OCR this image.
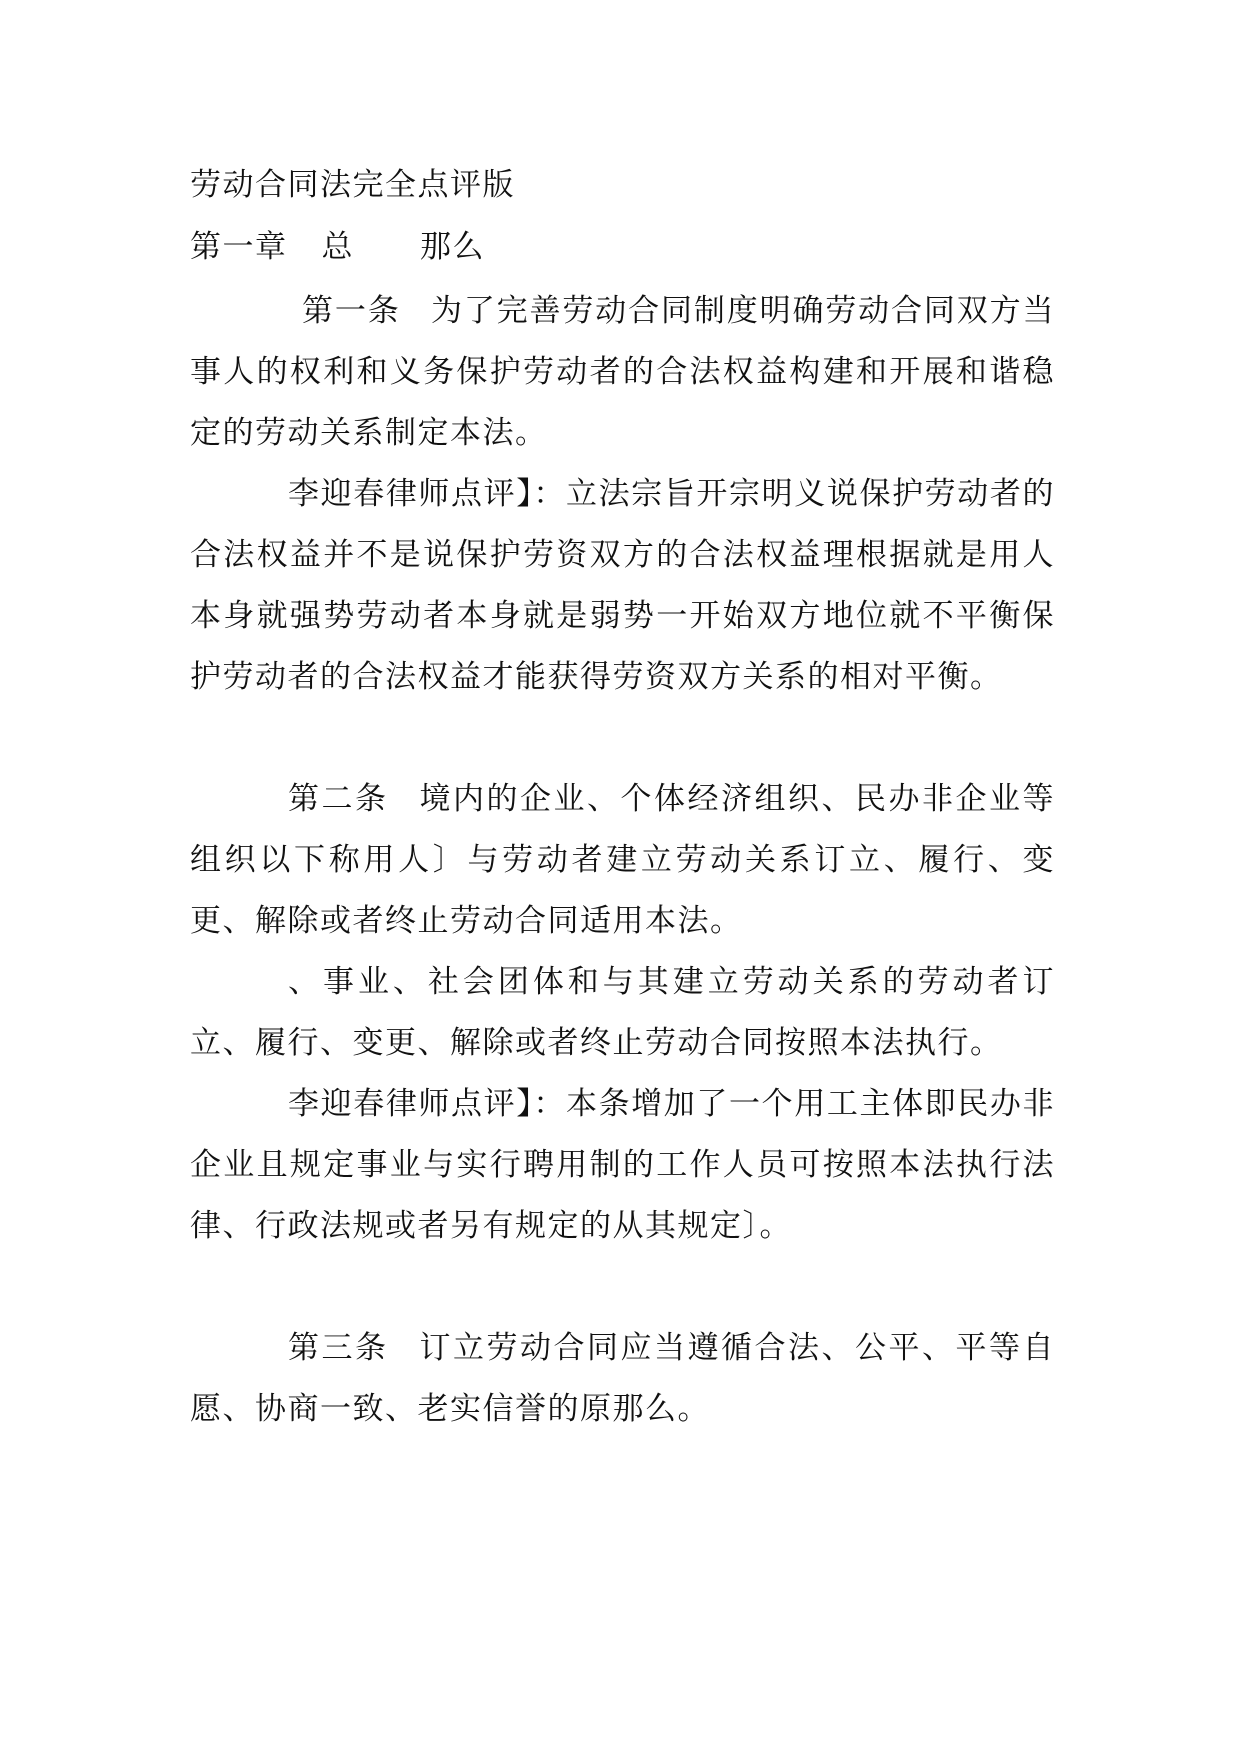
劳动合同法完全点评版
第一章 总 那么

第一条 为了完善劳动合同制度明确劳动合同双方当事人的权利和义务保护劳动者的合法权益构建和开展和谐稳定的劳动关系制定本法。

李迎春律师点评】：立法宗旨开宗明义说保护劳动者的合法权益并不是说保护劳资双方的合法权益理根据就是用人本身就强势劳动者本身就是弱势一开始双方地位就不平衡保护劳动者的合法权益才能获得劳资双方关系的相对平衡。

第二条 境内的企业、个体经济组织、民办非企业等组织以下称用人〕与劳动者建立劳动关系订立、履行、变更、解除或者终止劳动合同适用本法。

、事业、社会团体和与其建立劳动关系的劳动者订立、履行、变更、解除或者终止劳动合同按照本法执行。

李迎春律师点评】：本条增加了一个用工主体即民办非企业且规定事业与实行聘用制的工作人员可按照本法执行法律、行政法规或者另有规定的从其规定〕。

第三条 订立劳动合同应当遵循合法、公平、平等自愿、协商一致、老实信誉的原那么。
